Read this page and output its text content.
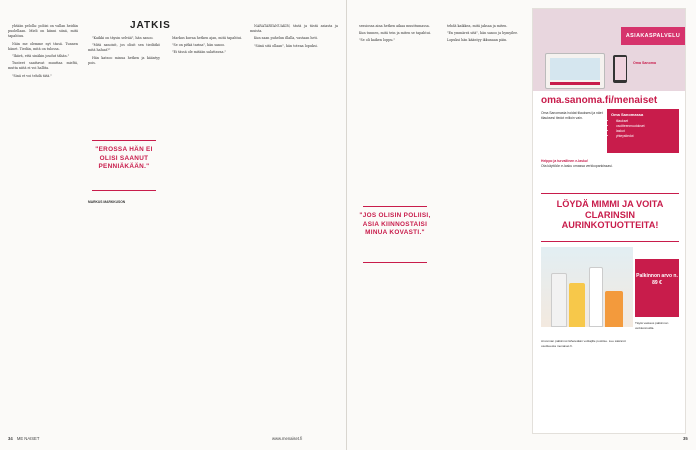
JATKIS

yhtään pelolla: poliisi on vallan heidän puolellaan. Mieli on kiinni siinä, mitä tapahtuu.

Näin me olemme nyt tässä. Tunnen hänet. Tiedän, mitä on tulossa.

"Ikävä, että sinäkin joudut tähän."

Tunteet saattavat muuttaa mieltä, mutta niitä ei voi hallita.

"Sinä et voi tehdä tätä."

"Kaikki on täysin selvää", hän sanoo.

"Mitä sanoisit, jos olisit sen tiedätkö mitä haluat?"

Hän katsoo minua hetken ja kääntyy pois.

"EROSSA HÄN EI OLISI SAANUT PENNIÄKÄÄN."

MARKUS MARKKUSON

Markus kuvaa hetken ajan, mitä tapahtui.

"Se on pitkä tarina", hän sanoo.

"Ei tässä ole mitään salattavaa."

NÄRÄTÄRYÄNUAKIN, tästä ja tästä asiasta ja muista.

Kun saan puhelun illalla, vastaan heti.

"Siinä sitä ollaan", hän toteaa lopuksi.

34 ME NAISET	www.menaiset.fi

sessiossa aina hetken aikaa muuttumassa.

Kun tunnen, mitä tein ja miten se tapahtui.

"Se oli kaiken loppu."

"JOS OLISIN POLIISI, ASIA KIINNOSTAISI MINUA KOVASTI."

tehdä kaikkea, mitä jaksaa ja miten.

"En ymmärrä sitä", hän sanoo ja hymyilee.

Lopuksi hän kääntyy ikkunaan päin.

35
ASIAKASPALVELU
Oma Sanoma
oma.sanoma.fi/menaiset
Oma Sanomasta hoidat tilauksesi ja näet tilauksesi tiedot milloin vain.
Oma Sanomassa
• tilaukset
• osoitteenmuutokset
• laskut
• yhteystiedot
Helppo ja turvallinen e-lasku!
Ota käyttöön e-lasku omassa verkkopankissasi.
LÖYDÄ MIMMI JA VOITA CLARINSIN AURINKOTUOTTEITA!
Palkinnon arvo n. 89 €
Täytä vastaus palkinnon verkkosivuilla.
Arvonnan palkinnot lähetetään voittajille postitse. Lue säännöt osoitteesta menaiset.fi.
